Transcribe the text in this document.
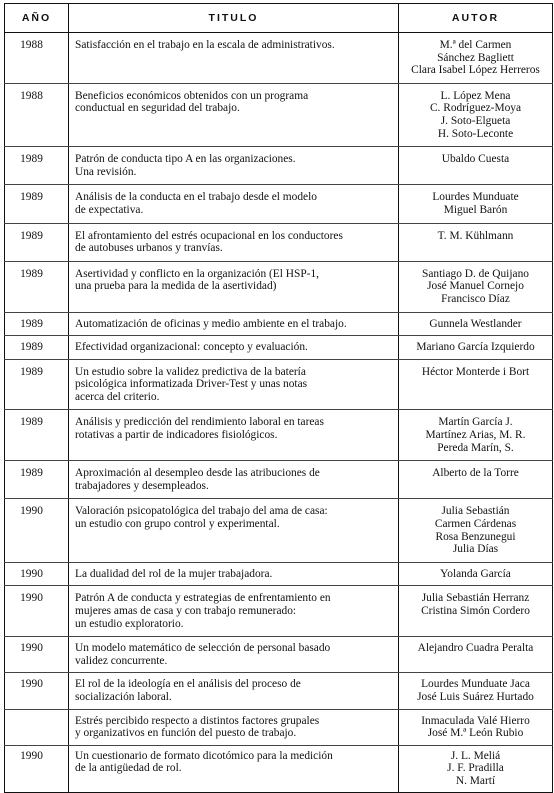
AÑO	TITULO	AUTOR
1988	Satisfacción en el trabajo en la escala de administrativos.	M.ª del Carmen
Sánchez Bagliett
Clara Isabel López Herreros

1988	Beneficios económicos obtenidos con un programa
conductual en seguridad del trabajo.	L. López Mena
C. Rodríguez-Moya
J. Soto-Elgueta
H. Soto-Leconte

1989	Patrón de conducta tipo A en las organizaciones.
Una revisión.	Ubaldo Cuesta

1989	Análisis de la conducta en el trabajo desde el modelo
de expectativa.	Lourdes Munduate
Miguel Barón

1989	El afrontamiento del estrés ocupacional en los conductores
de autobuses urbanos y tranvías.	T. M. Kühlmann

1989	Asertividad y conflicto en la organización (El HSP-1,
una prueba para la medida de la asertividad)	Santiago D. de Quijano
José Manuel Cornejo
Francisco Díaz

1989	Automatización de oficinas y medio ambiente en el trabajo.	Gunnela Westlander

1989	Efectividad organizacional: concepto y evaluación.	Mariano García Izquierdo

1989	Un estudio sobre la validez predictiva de la batería
psicológica informatizada Driver-Test y unas notas
acerca del criterio.	Héctor Monterde i Bort

1989	Análisis y predicción del rendimiento laboral en tareas
rotativas a partir de indicadores fisiológicos.	Martín García J.
Martínez Arias, M. R.
Pereda Marín, S.

1989	Aproximación al desempleo desde las atribuciones de
trabajadores y desempleados.	Alberto de la Torre

1990	Valoración psicopatológica del trabajo del ama de casa:
un estudio con grupo control y experimental.	Julia Sebastián
Carmen Cárdenas
Rosa Benzunegui
Julia Días

1990	La dualidad del rol de la mujer trabajadora.	Yolanda García

1990	Patrón A de conducta y estrategias de enfrentamiento en
mujeres amas de casa y con trabajo remunerado:
un estudio exploratorio.	Julia Sebastián Herranz
Cristina Simón Cordero

1990	Un modelo matemático de selección de personal basado
validez concurrente.	Alejandro Cuadra Peralta

1990	El rol de la ideología en el análisis del proceso de
socialización laboral.	Lourdes Munduate Jaca
José Luis Suárez Hurtado

	Estrés percibido respecto a distintos factores grupales
y organizativos en función del puesto de trabajo.	Inmaculada Valé Hierro
José M.ª León Rubio

1990	Un cuestionario de formato dicotómico para la medición
de la antigüedad de rol.	J. L. Meliá
J. F. Pradilla
N. Martí
